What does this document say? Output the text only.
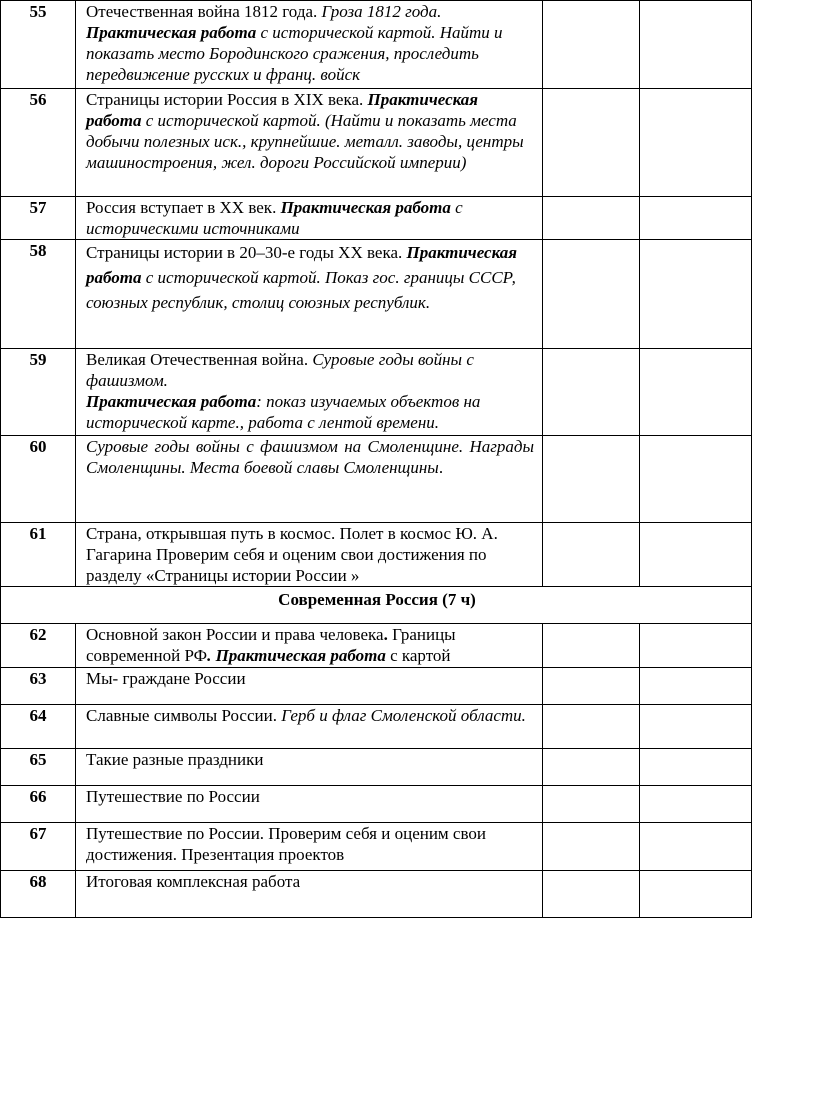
55	Отечественная война 1812 года. Гроза 1812 года. Практическая работа с исторической картой. Найти и показать место Бородинского сражения, проследить передвижение русских и франц. войск		
56	Страницы истории Россия в XIX века. Практическая работа с исторической картой. (Найти и показать места добычи полезных иск., крупнейшие. металл. заводы, центры машиностроения, жел. дороги Российской империи)		
57	Россия вступает в XX век. Практическая работа с историческими источниками		
58	Страницы истории в 20–30-е годы XX века. Практическая работа с исторической картой. Показ гос. границы СССР, союзных республик, столиц союзных республик.		
59	Великая Отечественная война. Суровые годы войны с фашизмом.
Практическая работа: показ изучаемых объектов на исторической карте., работа с лентой времени.		
60	Суровые годы войны с фашизмом на Смоленщине. Награды Смоленщины. Места боевой славы Смоленщины.		
61	Страна, открывшая путь в космос. Полет в космос Ю. А. Гагарина Проверим себя и оценим свои достижения по разделу «Страницы истории России »		
Современная Россия (7 ч)			
62	Основной закон России и права человека. Границы современной РФ. Практическая работа с картой		
63	Мы- граждане России		
64	Славные символы России. Герб и флаг Смоленской области.		
65	Такие разные праздники		
66	Путешествие по России		
67	Путешествие по России. Проверим себя и оценим свои достижения. Презентация проектов		
68	Итоговая комплексная работа		
